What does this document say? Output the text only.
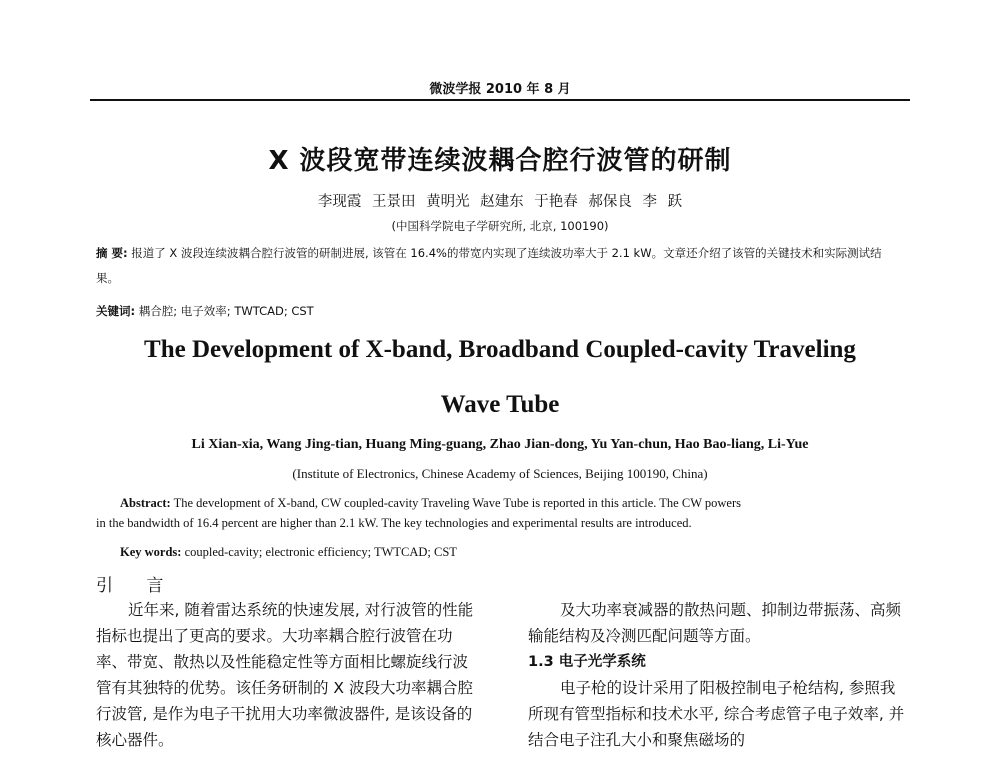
微波学报 2010 年 8 月
X 波段宽带连续波耦合腔行波管的研制
李现霞 王景田 黄明光 赵建东 于艳春 郝保良 李 跃
(中国科学院电子学研究所, 北京, 100190)
摘 要: 报道了 X 波段连续波耦合腔行波管的研制进展, 该管在 16.4%的带宽内实现了连续波功率大于 2.1 kW。文章还介绍了该管的关键技术和实际测试结果。
关键词: 耦合腔; 电子效率; TWTCAD; CST
The Development of X-band, Broadband Coupled-cavity Traveling
Wave Tube
Li Xian-xia, Wang Jing-tian, Huang Ming-guang, Zhao Jian-dong, Yu Yan-chun, Hao Bao-liang, Li-Yue
(Institute of Electronics, Chinese Academy of Sciences, Beijing 100190, China)
Abstract: The development of X-band, CW coupled-cavity Traveling Wave Tube is reported in this article. The CW powers
in the bandwidth of 16.4 percent are higher than 2.1 kW. The key technologies and experimental results are introduced.
Key words: coupled-cavity; electronic efficiency; TWTCAD; CST
引 言

近年来, 随着雷达系统的快速发展, 对行波管的性能指标也提出了更高的要求。大功率耦合腔行波管在功率、带宽、散热以及性能稳定性等方面相比螺旋线行波管有其独特的优势。该任务研制的 X 波段大功率耦合腔行波管, 是作为电子干扰用大功率微波器件, 是该设备的核心器件。

及大功率衰减器的散热问题、抑制边带振荡、高频输能结构及冷测匹配问题等方面。

1.3 电子光学系统

电子枪的设计采用了阳极控制电子枪结构, 参照我所现有管型指标和技术水平, 综合考虑管子电子效率, 并结合电子注孔大小和聚焦磁场的
